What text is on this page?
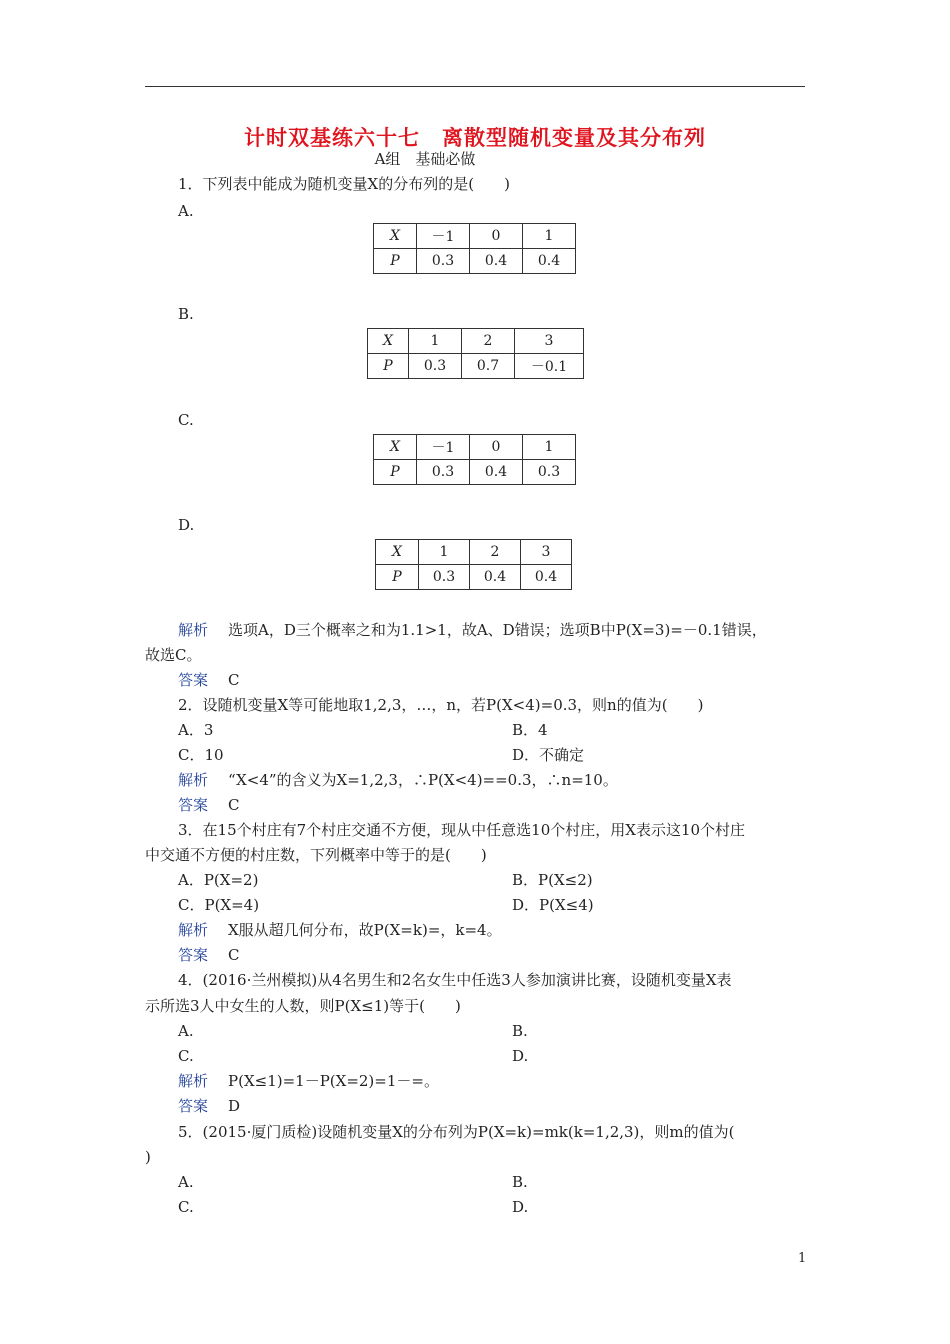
计时双基练六十七　离散型随机变量及其分布列
A组　基础必做
1．下列表中能成为随机变量X的分布列的是(　　)
A.
X	－1	0	1
P	0.3	0.4	0.4
B.
X	1	2	3
P	0.3	0.7	－0.1
C.
X	－1	0	1
P	0.3	0.4	0.3
D.
X	1	2	3
P	0.3	0.4	0.4
解析 选项A，D三个概率之和为1.1>1，故A、D错误；选项B中P(X=3)=－0.1错误，
故选C。
答案 C
2．设随机变量X等可能地取1,2,3，…，n，若P(X<4)=0.3，则n的值为(　　)
A．3	B．4
C．10	D．不确定
解析 “X<4”的含义为X=1,2,3，∴P(X<4)==0.3，∴n=10。
答案 C
3．在15个村庄有7个村庄交通不方便，现从中任意选10个村庄，用X表示这10个村庄
中交通不方便的村庄数，下列概率中等于的是(　　)
A．P(X=2)	B．P(X≤2)
C．P(X=4)	D．P(X≤4)
解析 X服从超几何分布，故P(X=k)=，k=4。
答案 C
4．(2016·兰州模拟)从4名男生和2名女生中任选3人参加演讲比赛，设随机变量X表
示所选3人中女生的人数，则P(X≤1)等于(　　)
A.	B.
C.	D.
解析 P(X≤1)=1－P(X=2)=1－=。
答案 D
5．(2015·厦门质检)设随机变量X的分布列为P(X=k)=mk(k=1,2,3)，则m的值为(
)
A.	B.
C.	D.
1
